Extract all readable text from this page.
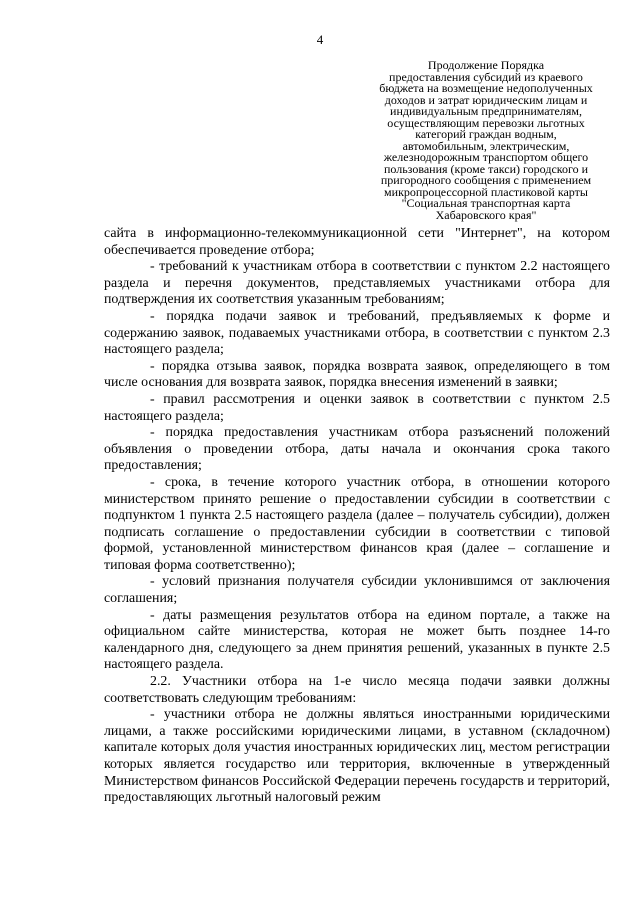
4
Продолжение Порядка
предоставления субсидий из краевого
бюджета на возмещение недополученных
доходов и затрат юридическим лицам и
индивидуальным предпринимателям,
осуществляющим перевозки льготных
категорий граждан водным,
автомобильным, электрическим,
железнодорожным транспортом общего
пользования (кроме такси) городского и
пригородного сообщения с применением
микропроцессорной пластиковой карты
"Социальная транспортная карта
Хабаровского края"

сайта в информационно-телекоммуникационной сети "Интернет", на котором обеспечивается проведение отбора;

- требований к участникам отбора в соответствии с пунктом 2.2 настоящего раздела и перечня документов, представляемых участниками отбора для подтверждения их соответствия указанным требованиям;

- порядка подачи заявок и требований, предъявляемых к форме и содержанию заявок, подаваемых участниками отбора, в соответствии с пунктом 2.3 настоящего раздела;

- порядка отзыва заявок, порядка возврата заявок, определяющего в том числе основания для возврата заявок, порядка внесения изменений в заявки;

- правил рассмотрения и оценки заявок в соответствии с пунктом 2.5 настоящего раздела;

- порядка предоставления участникам отбора разъяснений положений объявления о проведении отбора, даты начала и окончания срока такого предоставления;

- срока, в течение которого участник отбора, в отношении которого министерством принято решение о предоставлении субсидии в соответствии с подпунктом 1 пункта 2.5 настоящего раздела (далее – получатель субсидии), должен подписать соглашение о предоставлении субсидии в соответствии с типовой формой, установленной министерством финансов края (далее – соглашение и типовая форма соответственно);

- условий признания получателя субсидии уклонившимся от заключения соглашения;

- даты размещения результатов отбора на едином портале, а также на официальном сайте министерства, которая не может быть позднее 14-го календарного дня, следующего за днем принятия решений, указанных в пункте 2.5 настоящего раздела.

2.2. Участники отбора на 1-е число месяца подачи заявки должны соответствовать следующим требованиям:

- участники отбора не должны являться иностранными юридическими лицами, а также российскими юридическими лицами, в уставном (складочном) капитале которых доля участия иностранных юридических лиц, местом регистрации которых является государство или территория, включенные в утвержденный Министерством финансов Российской Федерации перечень государств и территорий, предоставляющих льготный налоговый режим
